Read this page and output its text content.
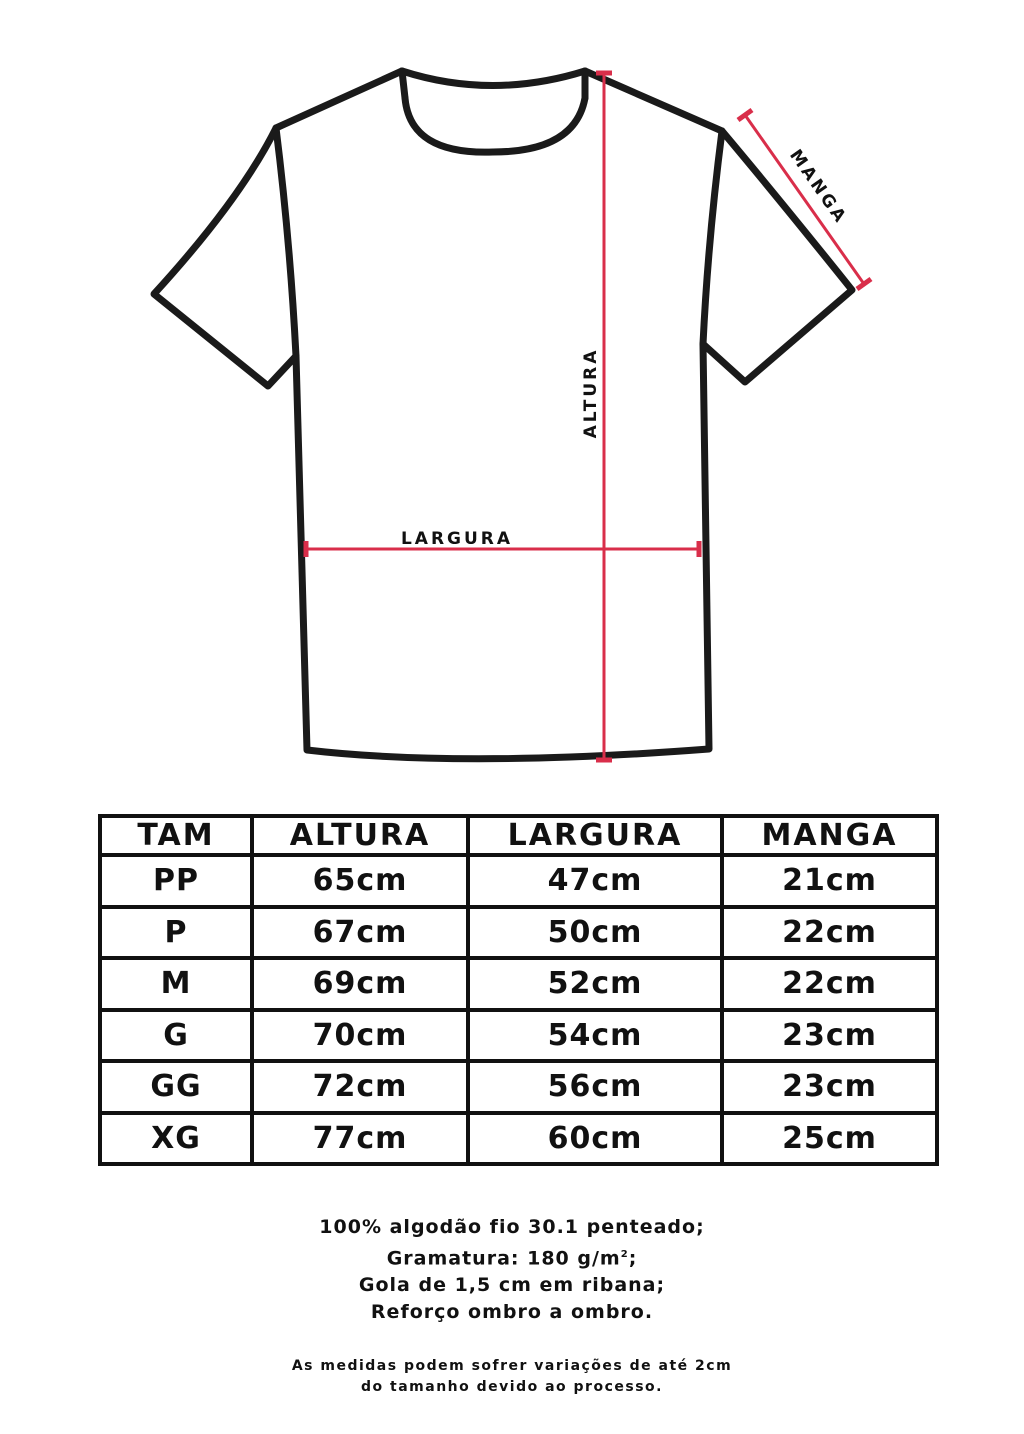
MANGA
ALTURA
LARGURA
TAM	ALTURA	LARGURA	MANGA
PP	65cm	47cm	21cm
P	67cm	50cm	22cm
M	69cm	52cm	22cm
G	70cm	54cm	23cm
GG	72cm	56cm	23cm
XG	77cm	60cm	25cm
100% algodão fio 30.1 penteado;
Gramatura: 180 $g/m^2$;
Gola de 1,5 cm em ribana;
Reforço ombro a ombro.
As medidas podem sofrer variações de até 2cm
do tamanho devido ao processo.
